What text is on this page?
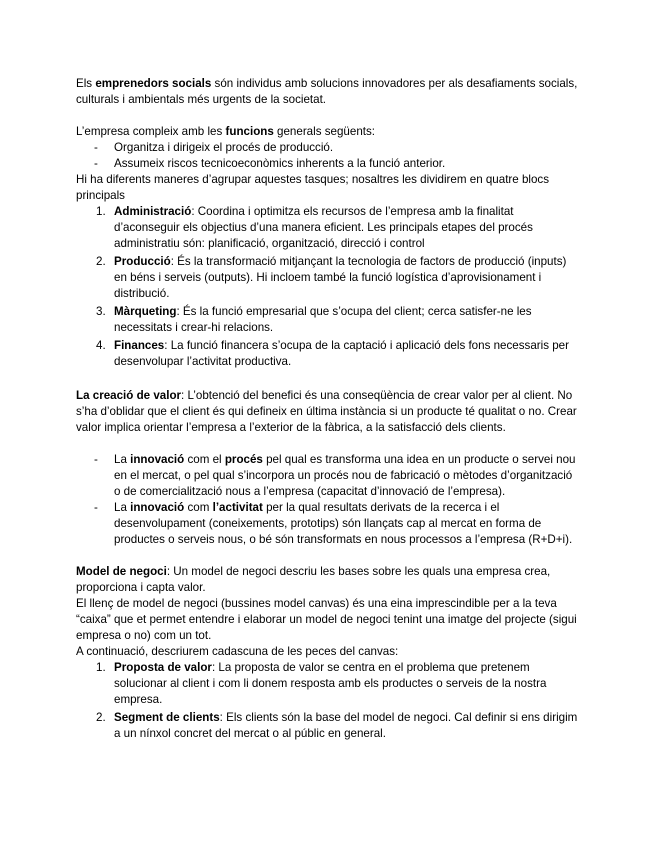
Els emprenedors socials són individus amb solucions innovadores per als desafiaments socials, culturals i ambientals més urgents de la societat.

L’empresa compleix amb les funcions generals següents:

- Organitza i dirigeix el procés de producció.
- Assumeix riscos tecnicoeconòmics inherents a la funció anterior.

Hi ha diferents maneres d’agrupar aquestes tasques; nosaltres les dividirem en quatre blocs principals

1. Administració: Coordina i optimitza els recursos de l’empresa amb la finalitat d’aconseguir els objectius d’una manera eficient. Les principals etapes del procés administratiu són: planificació, organització, direcció i control
2. Producció: És la transformació mitjançant la tecnologia de factors de producció (inputs) en béns i serveis (outputs). Hi incloem també la funció logística d’aprovisionament i distribució.
3. Màrqueting: És la funció empresarial que s’ocupa del client; cerca satisfer-ne les necessitats i crear-hi relacions.
4. Finances: La funció financera s’ocupa de la captació i aplicació dels fons necessaris per desenvolupar l’activitat productiva.

La creació de valor: L’obtenció del benefici és una conseqüència de crear valor per al client. No s’ha d’oblidar que el client és qui defineix en última instància si un producte té qualitat o no. Crear valor implica orientar l’empresa a l’exterior de la fàbrica, a la satisfacció dels clients.

- La innovació com el procés pel qual es transforma una idea en un producte o servei nou en el mercat, o pel qual s’incorpora un procés nou de fabricació o mètodes d’organització o de comercialització nous a l’empresa (capacitat d’innovació de l’empresa).
- La innovació com l’activitat per la qual resultats derivats de la recerca i el desenvolupament (coneixements, prototips) són llançats cap al mercat en forma de productes o serveis nous, o bé són transformats en nous processos a l’empresa (R+D+i).

Model de negoci: Un model de negoci descriu les bases sobre les quals una empresa crea, proporciona i capta valor.

El llenç de model de negoci (bussines model canvas) és una eina imprescindible per a la teva “caixa” que et permet entendre i elaborar un model de negoci tenint una imatge del projecte (sigui empresa o no) com un tot.

A continuació, descriurem cadascuna de les peces del canvas:

1. Proposta de valor: La proposta de valor se centra en el problema que pretenem solucionar al client i com li donem resposta amb els productes o serveis de la nostra empresa.
2. Segment de clients: Els clients són la base del model de negoci. Cal definir si ens dirigim a un nínxol concret del mercat o al públic en general.
